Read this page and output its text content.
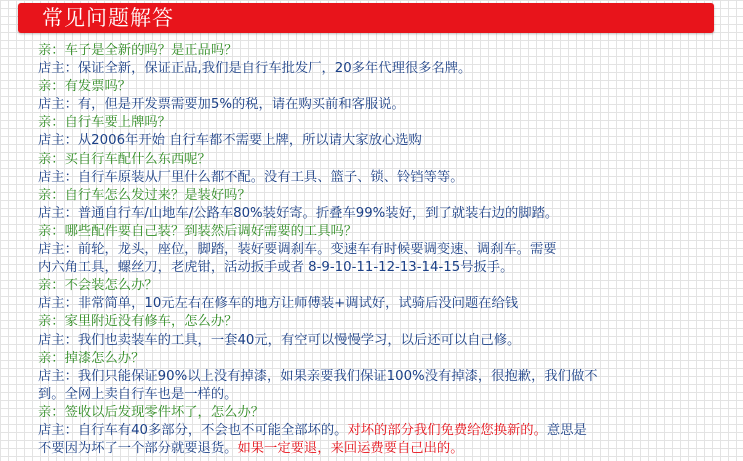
常见问题解答
亲：车子是全新的吗？是正品吗？
店主：保证全新，保证正品,我们是自行车批发厂，20多年代理很多名牌。
亲：有发票吗？
店主：有，但是开发票需要加5%的税，请在购买前和客服说。
亲：自行车要上牌吗？
店主：从2006年开始 自行车都不需要上牌，所以请大家放心选购
亲：买自行车配什么东西呢？
店主：自行车原装从厂里什么都不配。没有工具、篮子、锁、铃铛等等。
亲：自行车怎么发过来？是装好吗？
店主：普通自行车/山地车/公路车80%装好寄。折叠车99%装好，到了就装右边的脚踏。
亲：哪些配件要自己装？到装然后调好需要的工具吗？
店主：前轮，龙头，座位，脚踏，装好要调刹车。变速车有时候要调变速、调刹车。需要
内六角工具，螺丝刀，老虎钳，活动扳手或者 8-9-10-11-12-13-14-15号扳手。
亲：不会装怎么办？
店主：非常简单，10元左右在修车的地方让师傅装+调试好，试骑后没问题在给钱
亲：家里附近没有修车，怎么办？
店主：我们也卖装车的工具，一套40元，有空可以慢慢学习，以后还可以自己修。
亲：掉漆怎么办？
店主：我们只能保证90%以上没有掉漆，如果亲要我们保证100%没有掉漆，很抱歉，我们做不
到。全网上卖自行车也是一样的。
亲：签收以后发现零件坏了，怎么办？
店主：自行车有40多部分，不会也不可能全部坏的。对坏的部分我们免费给您换新的。意思是
不要因为坏了一个部分就要退货。如果一定要退，来回运费要自己出的。
